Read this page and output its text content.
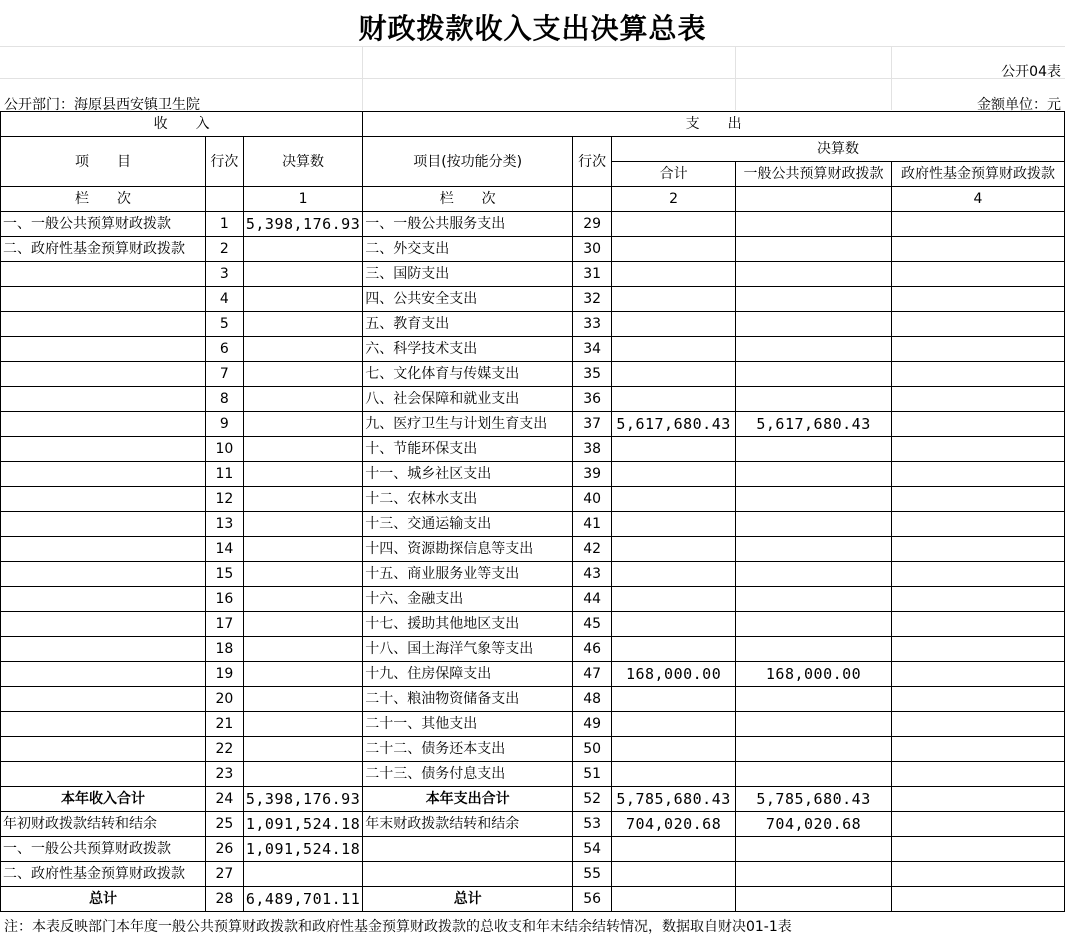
财政拨款收入支出决算总表
公开04表
公开部门：海原县西安镇卫生院	金额单位：元
收　　入			支　　出				
项　　目	行次	决算数	项目(按功能分类)	行次	决算数		
					合计	一般公共预算财政拨款	政府性基金预算财政拨款
栏　　次		1	栏　　次		2		4
一、一般公共预算财政拨款	1	5,398,176.93	一、一般公共服务支出	29			
二、政府性基金预算财政拨款	2		二、外交支出	30			
	3		三、国防支出	31			
	4		四、公共安全支出	32			
	5		五、教育支出	33			
	6		六、科学技术支出	34			
	7		七、文化体育与传媒支出	35			
	8		八、社会保障和就业支出	36			
	9		九、医疗卫生与计划生育支出	37	5,617,680.43	5,617,680.43	
	10		十、节能环保支出	38			
	11		十一、城乡社区支出	39			
	12		十二、农林水支出	40			
	13		十三、交通运输支出	41			
	14		十四、资源勘探信息等支出	42			
	15		十五、商业服务业等支出	43			
	16		十六、金融支出	44			
	17		十七、援助其他地区支出	45			
	18		十八、国土海洋气象等支出	46			
	19		十九、住房保障支出	47	168,000.00	168,000.00	
	20		二十、粮油物资储备支出	48			
	21		二十一、其他支出	49			
	22		二十二、债务还本支出	50			
	23		二十三、债务付息支出	51			
本年收入合计	24	5,398,176.93	本年支出合计	52	5,785,680.43	5,785,680.43	
年初财政拨款结转和结余	25	1,091,524.18	年末财政拨款结转和结余	53	704,020.68	704,020.68	
一、一般公共预算财政拨款	26	1,091,524.18		54			
二、政府性基金预算财政拨款	27			55			
总计	28	6,489,701.11	总计	56			
注：本表反映部门本年度一般公共预算财政拨款和政府性基金预算财政拨款的总收支和年末结余结转情况，数据取自财决01-1表
